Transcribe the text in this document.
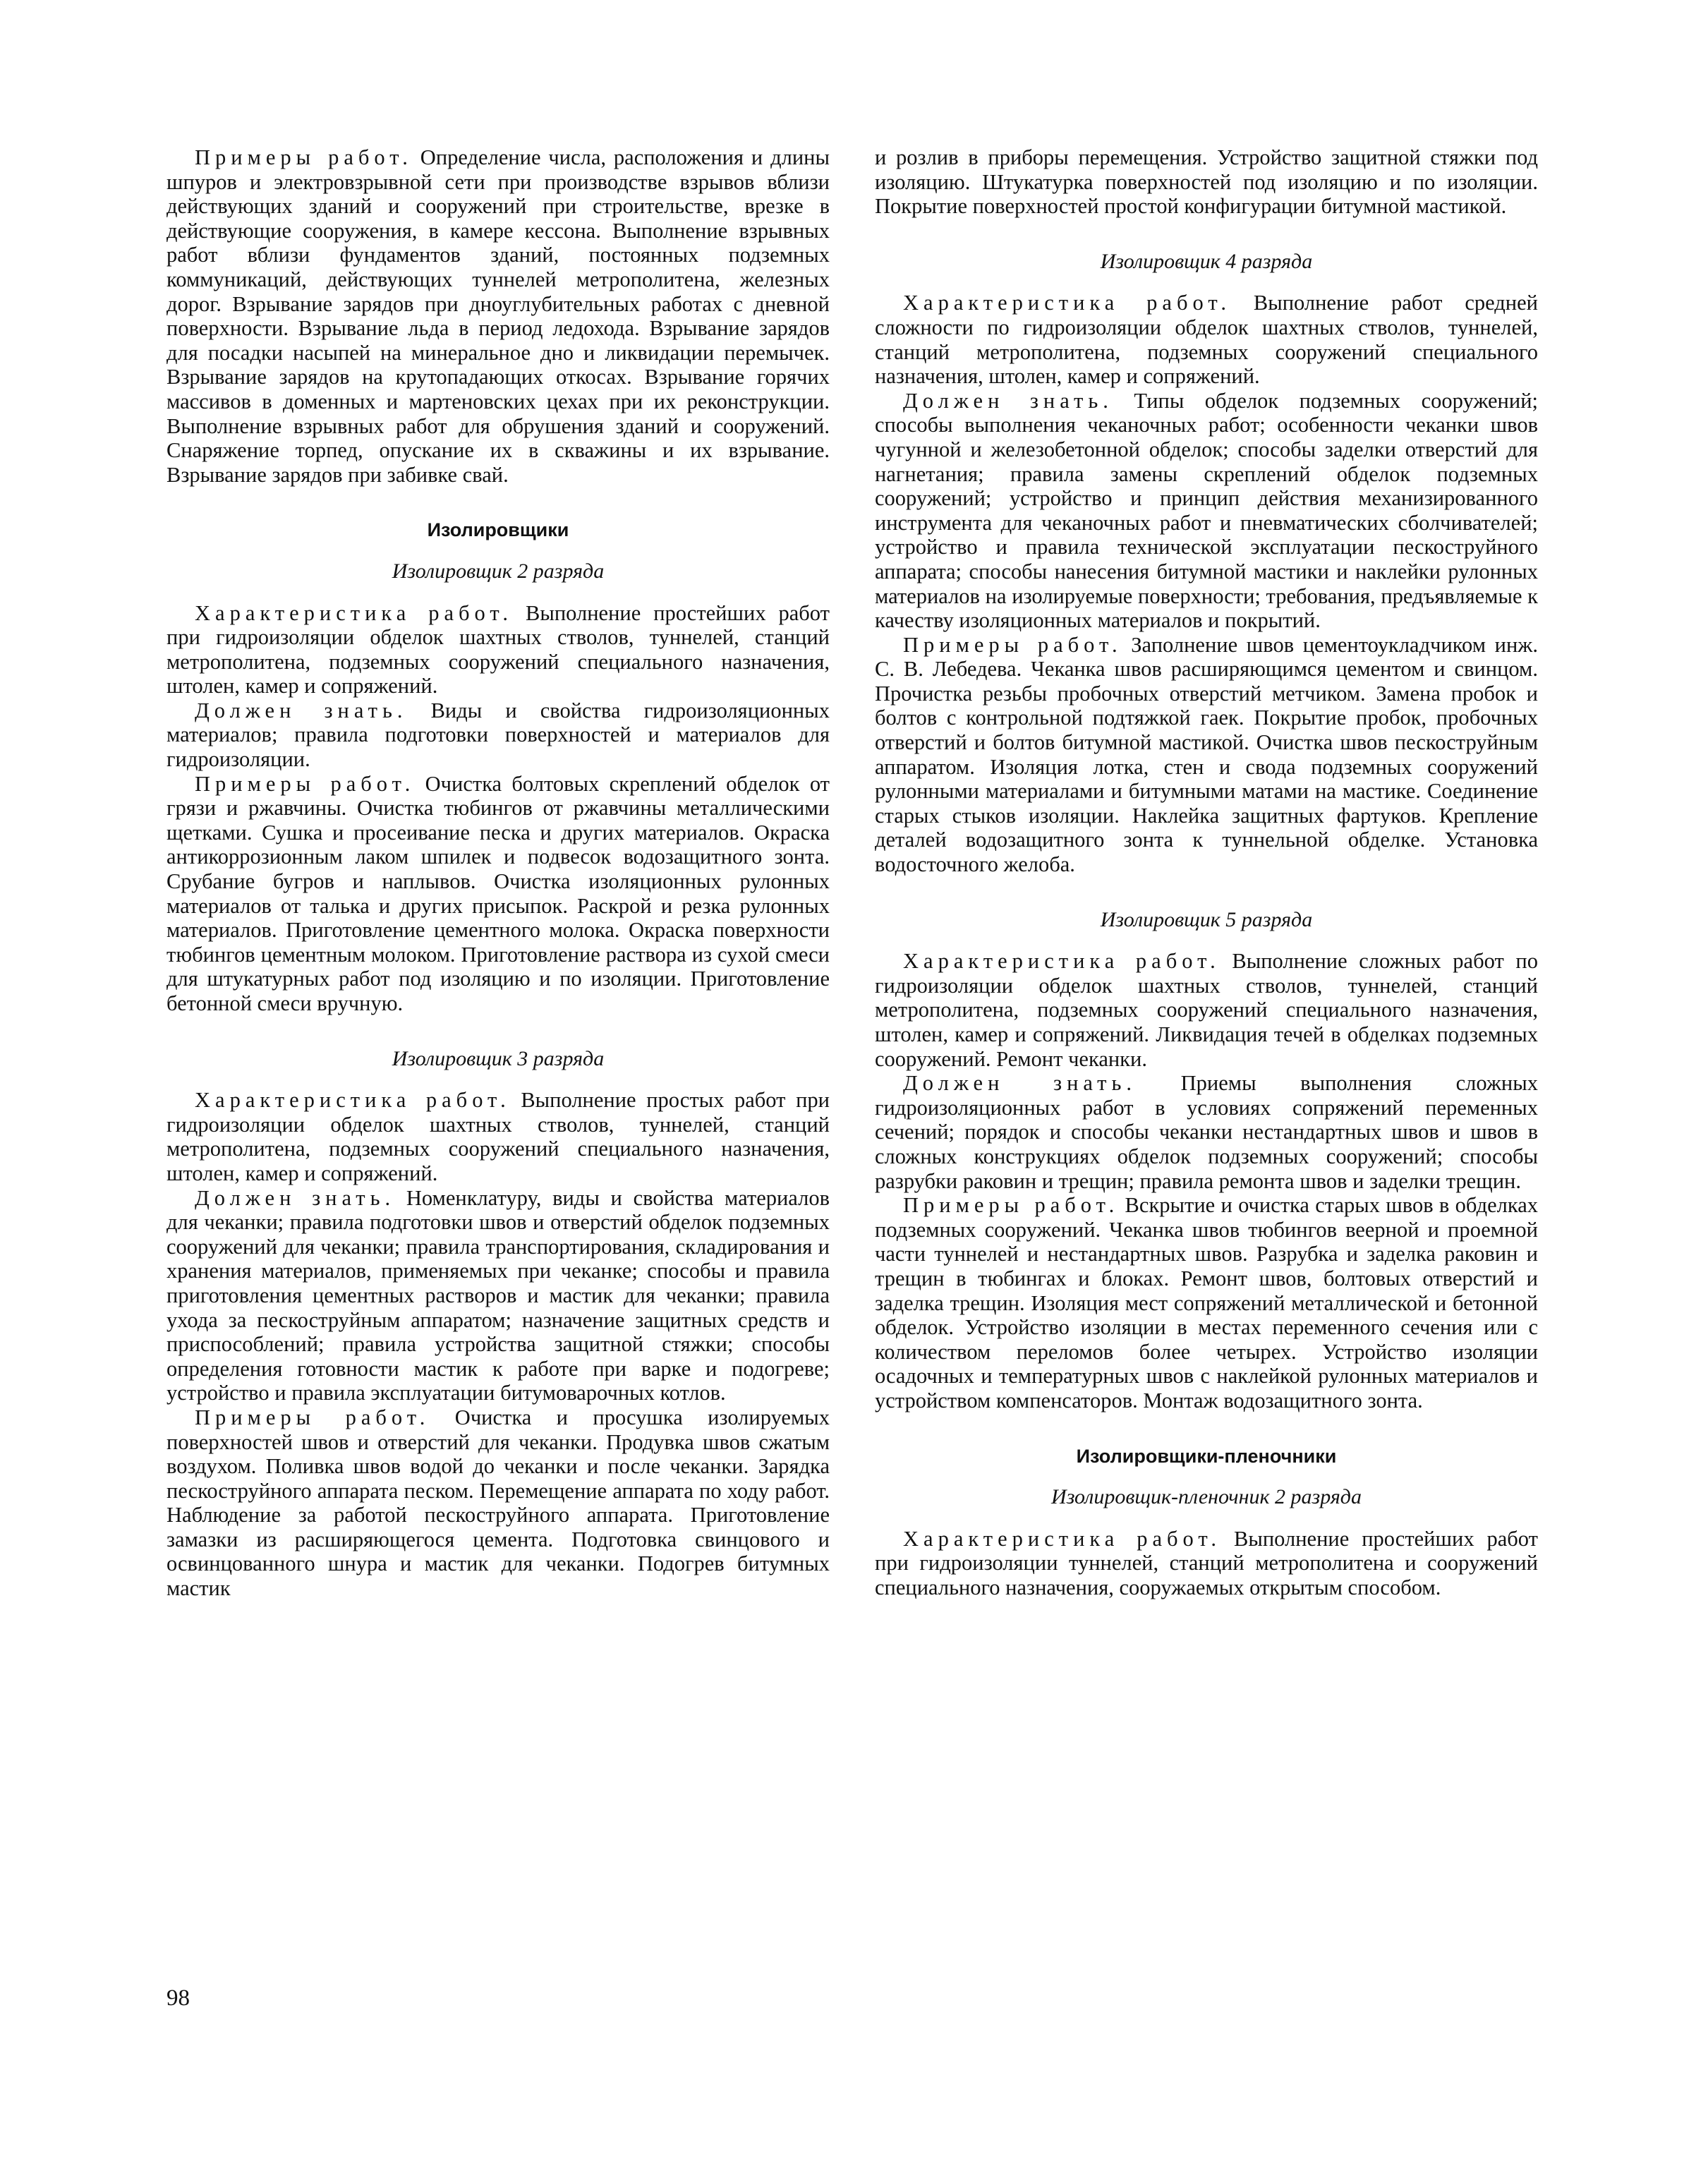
Примеры работ. Определение числа, расположения и длины шпуров и электровзрывной сети при производстве взрывов вблизи действующих зданий и сооружений при строительстве, врезке в действующие сооружения, в камере кессона. Выполнение взрывных работ вблизи фундаментов зданий, постоянных подземных коммуникаций, действующих туннелей метрополитена, железных дорог. Взрывание зарядов при дноуглубительных работах с дневной поверхности. Взрывание льда в период ледохода. Взрывание зарядов для посадки насыпей на минеральное дно и ликвидации перемычек. Взрывание зарядов на крутопадающих откосах. Взрывание горячих массивов в доменных и мартеновских цехах при их реконструкции. Выполнение взрывных работ для обрушения зданий и сооружений. Снаряжение торпед, опускание их в скважины и их взрывание. Взрывание зарядов при забивке свай.

Изолировщики

Изолировщик 2 разряда

Характеристика работ. Выполнение простейших работ при гидроизоляции обделок шахтных стволов, туннелей, станций метрополитена, подземных сооружений специального назначения, штолен, камер и сопряжений.

Должен знать. Виды и свойства гидроизоляционных материалов; правила подготовки поверхностей и материалов для гидроизоляции.

Примеры работ. Очистка болтовых скреплений обделок от грязи и ржавчины. Очистка тюбингов от ржавчины металлическими щетками. Сушка и просеивание песка и других материалов. Окраска антикоррозионным лаком шпилек и подвесок водозащитного зонта. Срубание бугров и наплывов. Очистка изоляционных рулонных материалов от талька и других присыпок. Раскрой и резка рулонных материалов. Приготовление цементного молока. Окраска поверхности тюбингов цементным молоком. Приготовление раствора из сухой смеси для штукатурных работ под изоляцию и по изоляции. Приготовление бетонной смеси вручную.

Изолировщик 3 разряда

Характеристика работ. Выполнение простых работ при гидроизоляции обделок шахтных стволов, туннелей, станций метрополитена, подземных сооружений специального назначения, штолен, камер и сопряжений.

Должен знать. Номенклатуру, виды и свойства материалов для чеканки; правила подготовки швов и отверстий обделок подземных сооружений для чеканки; правила транспортирования, складирования и хранения материалов, применяемых при чеканке; способы и правила приготовления цементных растворов и мастик для чеканки; правила ухода за пескоструйным аппаратом; назначение защитных средств и приспособлений; правила устройства защитной стяжки; способы определения готовности мастик к работе при варке и подогреве; устройство и правила эксплуатации битумоварочных котлов.

Примеры работ. Очистка и просушка изолируемых поверхностей швов и отверстий для чеканки. Продувка швов сжатым воздухом. Поливка швов водой до чеканки и после чеканки. Зарядка пескоструйного аппарата песком. Перемещение аппарата по ходу работ. Наблюдение за работой пескоструйного аппарата. Приготовление замазки из расширяющегося цемента. Подготовка свинцового и освинцованного шнура и мастик для чеканки. Подогрев битумных мастик

и розлив в приборы перемещения. Устройство защитной стяжки под изоляцию. Штукатурка поверхностей под изоляцию и по изоляции. Покрытие поверхностей простой конфигурации битумной мастикой.

Изолировщик 4 разряда

Характеристика работ. Выполнение работ средней сложности по гидроизоляции обделок шахтных стволов, туннелей, станций метрополитена, подземных сооружений специального назначения, штолен, камер и сопряжений.

Должен знать. Типы обделок подземных сооружений; способы выполнения чеканочных работ; особенности чеканки швов чугунной и железобетонной обделок; способы заделки отверстий для нагнетания; правила замены скреплений обделок подземных сооружений; устройство и принцип действия механизированного инструмента для чеканочных работ и пневматических сболчивателей; устройство и правила технической эксплуатации пескоструйного аппарата; способы нанесения битумной мастики и наклейки рулонных материалов на изолируемые поверхности; требования, предъявляемые к качеству изоляционных материалов и покрытий.

Примеры работ. Заполнение швов цементоукладчиком инж. С. В. Лебедева. Чеканка швов расширяющимся цементом и свинцом. Прочистка резьбы пробочных отверстий метчиком. Замена пробок и болтов с контрольной подтяжкой гаек. Покрытие пробок, пробочных отверстий и болтов битумной мастикой. Очистка швов пескоструйным аппаратом. Изоляция лотка, стен и свода подземных сооружений рулонными материалами и битумными матами на мастике. Соединение старых стыков изоляции. Наклейка защитных фартуков. Крепление деталей водозащитного зонта к туннельной обделке. Установка водосточного желоба.

Изолировщик 5 разряда

Характеристика работ. Выполнение сложных работ по гидроизоляции обделок шахтных стволов, туннелей, станций метрополитена, подземных сооружений специального назначения, штолен, камер и сопряжений. Ликвидация течей в обделках подземных сооружений. Ремонт чеканки.

Должен знать. Приемы выполнения сложных гидроизоляционных работ в условиях сопряжений переменных сечений; порядок и способы чеканки нестандартных швов и швов в сложных конструкциях обделок подземных сооружений; способы разрубки раковин и трещин; правила ремонта швов и заделки трещин.

Примеры работ. Вскрытие и очистка старых швов в обделках подземных сооружений. Чеканка швов тюбингов веерной и проемной части туннелей и нестандартных швов. Разрубка и заделка раковин и трещин в тюбингах и блоках. Ремонт швов, болтовых отверстий и заделка трещин. Изоляция мест сопряжений металлической и бетонной обделок. Устройство изоляции в местах переменного сечения или с количеством переломов более четырех. Устройство изоляции осадочных и температурных швов с наклейкой рулонных материалов и устройством компенсаторов. Монтаж водозащитного зонта.

Изолировщики-пленочники

Изолировщик-пленочник 2 разряда

Характеристика работ. Выполнение простейших работ при гидроизоляции туннелей, станций метрополитена и сооружений специального назначения, сооружаемых открытым способом.

98
